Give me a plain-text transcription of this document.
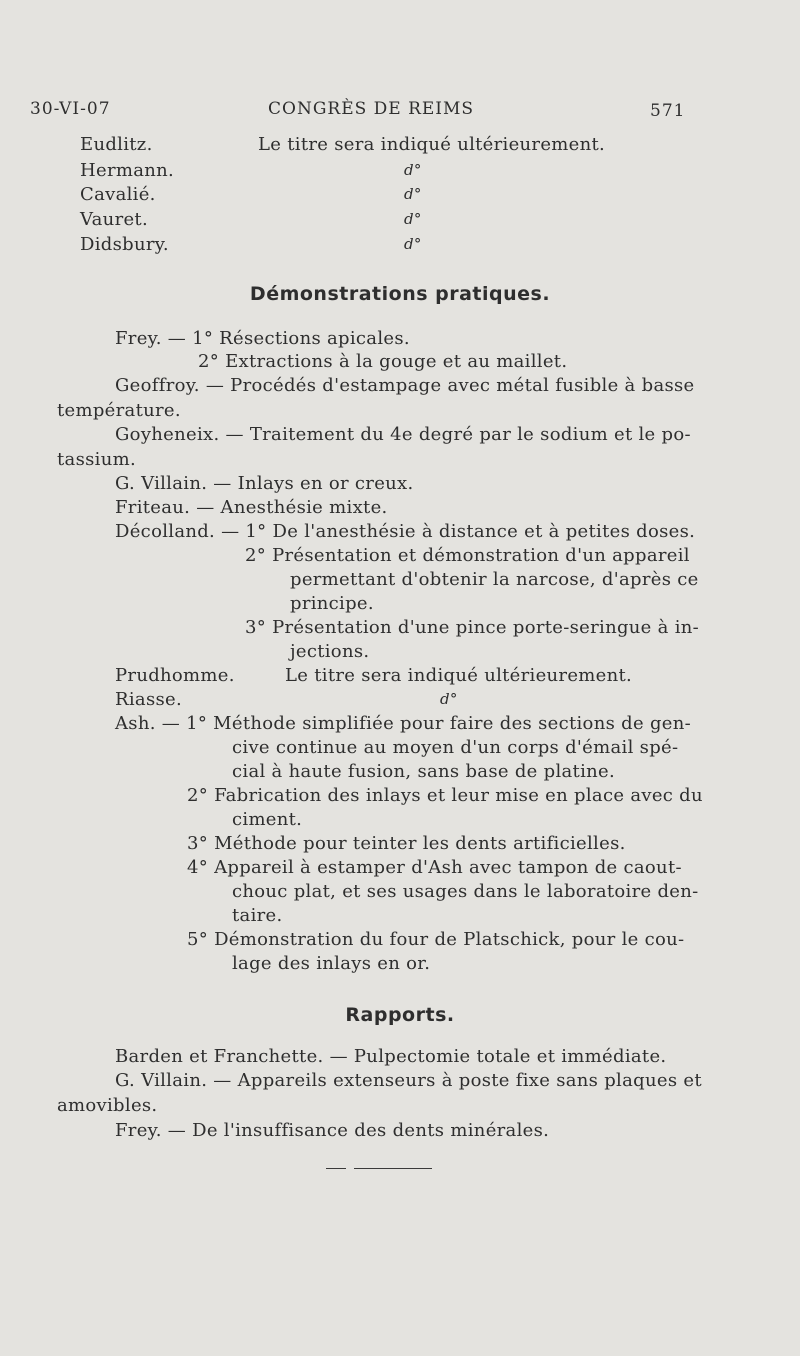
30-VI-07	CONGRÈS DE REIMS	571
Eudlitz.	Le titre sera indiqué ultérieurement.
Hermann.	d°
Cavalié.	d°
Vauret.	d°
Didsbury.	d°
Démonstrations pratiques.
Frey. — 1° Résections apicales.
2° Extractions à la gouge et au maillet.
Geoffroy. — Procédés d'estampage avec métal fusible à basse
température.
Goyheneix. — Traitement du 4e degré par le sodium et le po-
tassium.
G. Villain. — Inlays en or creux.
Friteau. — Anesthésie mixte.
Décolland. — 1° De l'anesthésie à distance et à petites doses.
2° Présentation et démonstration d'un appareil
permettant d'obtenir la narcose, d'après ce
principe.
3° Présentation d'une pince porte-seringue à in-
jections.
Prudhomme.	Le titre sera indiqué ultérieurement.
Riasse.	d°
Ash. — 1° Méthode simplifiée pour faire des sections de gen-
cive continue au moyen d'un corps d'émail spé-
cial à haute fusion, sans base de platine.
2° Fabrication des inlays et leur mise en place avec du
ciment.
3° Méthode pour teinter les dents artificielles.
4° Appareil à estamper d'Ash avec tampon de caout-
chouc plat, et ses usages dans le laboratoire den-
taire.
5° Démonstration du four de Platschick, pour le cou-
lage des inlays en or.
Rapports.
Barden et Franchette. — Pulpectomie totale et immédiate.
G. Villain. — Appareils extenseurs à poste fixe sans plaques et
amovibles.
Frey. — De l'insuffisance des dents minérales.
